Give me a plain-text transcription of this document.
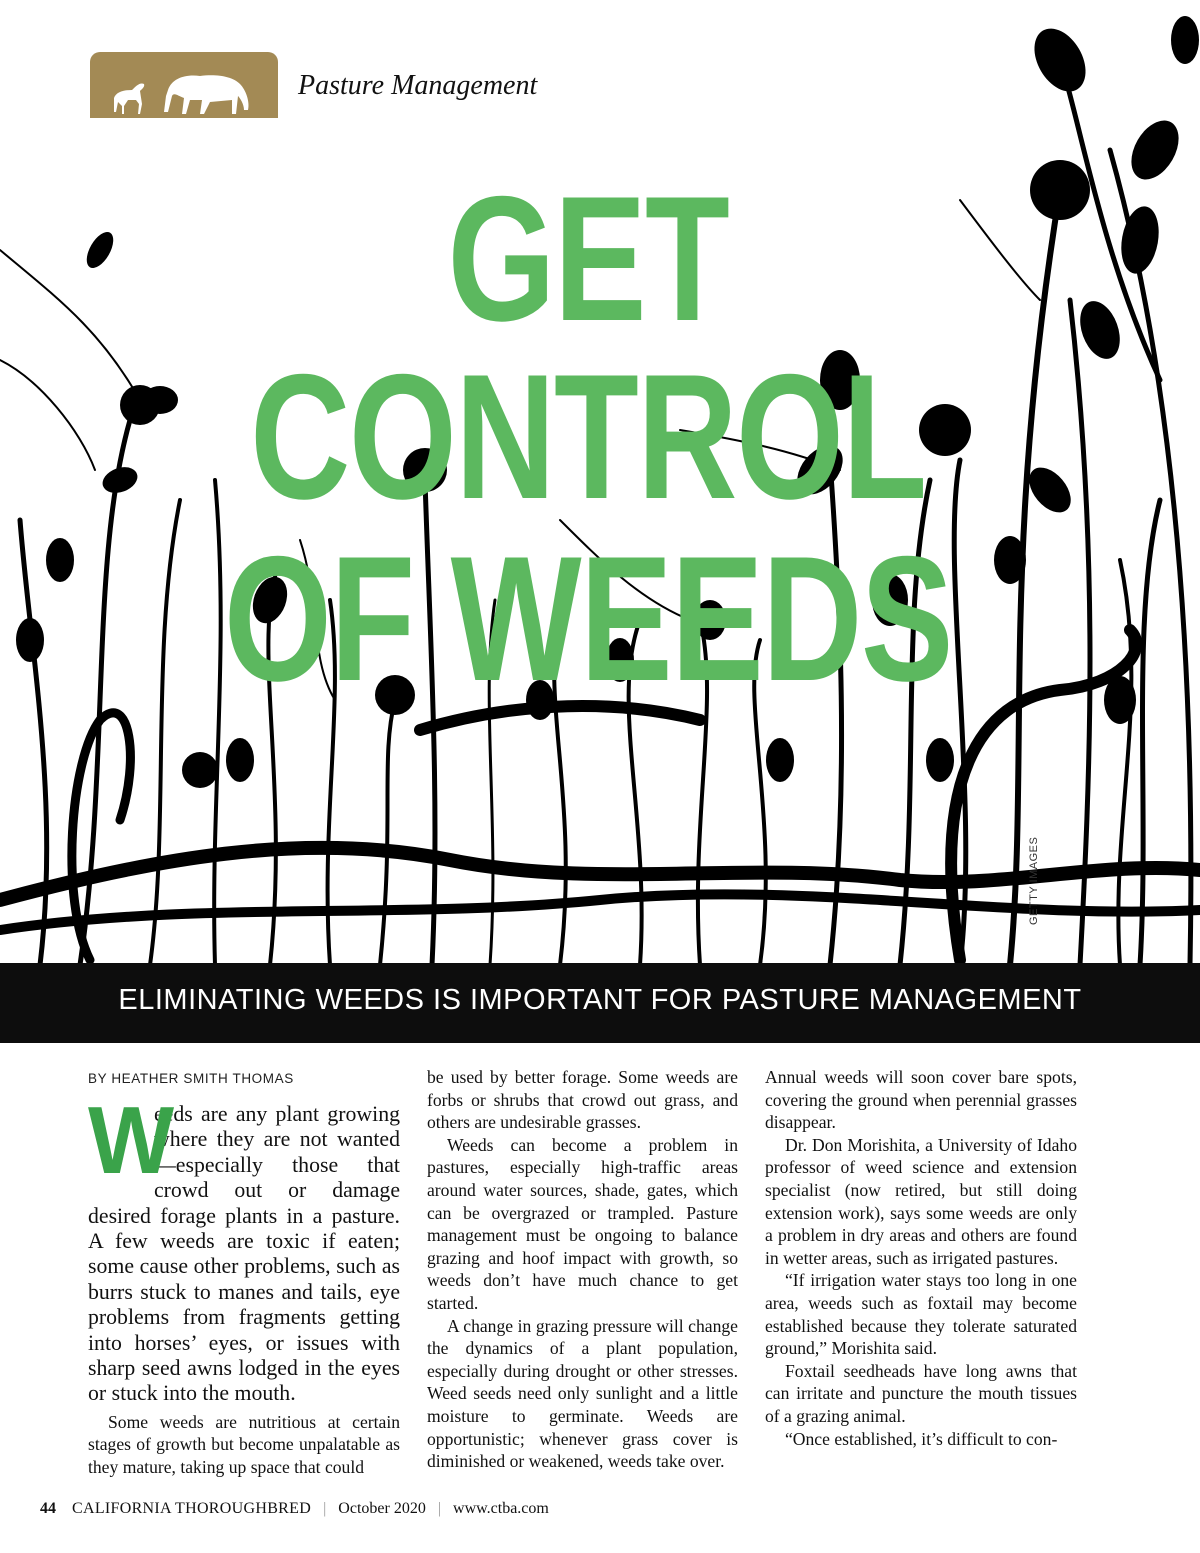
Pasture Management
GET CONTROL
OF WEEDS
GETTY IMAGES
ELIMINATING WEEDS IS IMPORTANT FOR PASTURE MANAGEMENT
BY HEATHER SMITH THOMAS
W

eeds are any plant growing where they are not wanted—especially those that crowd out or damage desired forage plants in a pasture. A few weeds are toxic if eaten; some cause other problems, such as burrs stuck to manes and tails, eye problems from fragments getting into horses’ eyes, or issues with sharp seed awns lodged in the eyes or stuck into the mouth.

Some weeds are nutritious at certain stages of growth but become unpalatable as they mature, taking up space that could

be used by better forage. Some weeds are forbs or shrubs that crowd out grass, and others are undesirable grasses.

Weeds can become a problem in pastures, especially high-traffic areas around water sources, shade, gates, which can be overgrazed or trampled. Pasture management must be ongoing to balance grazing and hoof impact with growth, so weeds don’t have much chance to get started.

A change in grazing pressure will change the dynamics of a plant population, especially during drought or other stresses. Weed seeds need only sunlight and a little moisture to germinate. Weeds are opportunistic; whenever grass cover is diminished or weakened, weeds take over.

Annual weeds will soon cover bare spots, covering the ground when perennial grasses disappear.

Dr. Don Morishita, a University of Idaho professor of weed science and extension specialist (now retired, but still doing extension work), says some weeds are only a problem in dry areas and others are found in wetter areas, such as irrigated pastures.

“If irrigation water stays too long in one area, weeds such as foxtail may become established because they tolerate saturated ground,” Morishita said.

Foxtail seedheads have long awns that can irritate and puncture the mouth tissues of a grazing animal.

“Once established, it’s difficult to con-

44 CALIFORNIA THOROUGHBRED | October 2020 | www.ctba.com
